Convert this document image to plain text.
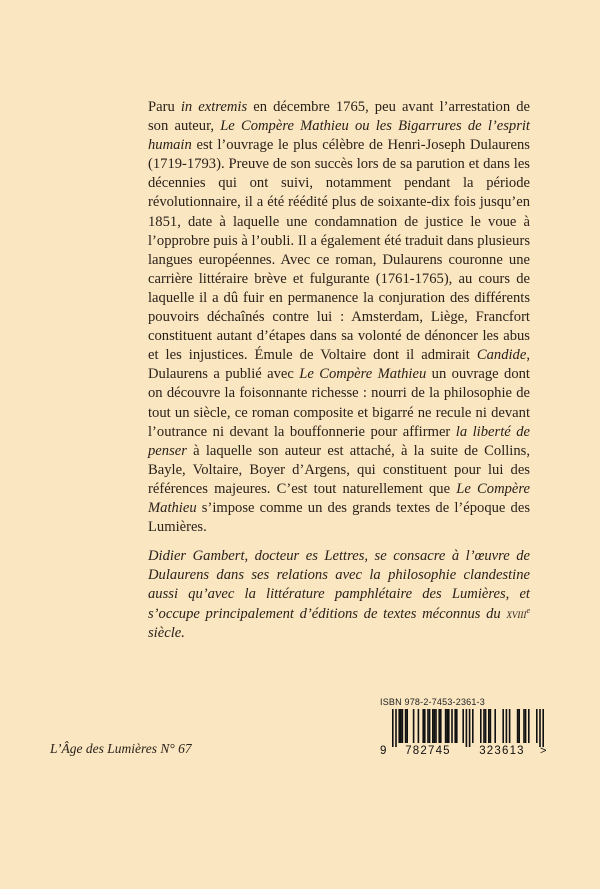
Paru in extremis en décembre 1765, peu avant l’arrestation de son auteur, Le Compère Mathieu ou les Bigarrures de l’esprit humain est l’ouvrage le plus célèbre de Henri-Joseph Dulaurens (1719-1793). Preuve de son succès lors de sa parution et dans les décennies qui ont suivi, notamment pendant la période révolutionnaire, il a été réédité plus de soixante-dix fois jusqu’en 1851, date à laquelle une condamnation de justice le voue à l’opprobre puis à l’oubli. Il a également été traduit dans plusieurs langues européennes. Avec ce roman, Dulaurens couronne une carrière littéraire brève et fulgurante (1761-1765), au cours de laquelle il a dû fuir en permanence la conjuration des différents pouvoirs déchaînés contre lui : Amsterdam, Liège, Francfort constituent autant d’étapes dans sa volonté de dénoncer les abus et les injustices. Émule de Voltaire dont il admirait Candide, Dulaurens a publié avec Le Compère Mathieu un ouvrage dont on découvre la foisonnante richesse : nourri de la philosophie de tout un siècle, ce roman composite et bigarré ne recule ni devant l’outrance ni devant la bouffonnerie pour affirmer la liberté de penser à laquelle son auteur est attaché, à la suite de Collins, Bayle, Voltaire, Boyer d’Argens, qui constituent pour lui des références majeures. C’est tout naturellement que Le Compère Mathieu s’impose comme un des grands textes de l’époque des Lumières.

Didier Gambert, docteur es Lettres, se consacre à l’œuvre de Dulaurens dans ses relations avec la philosophie clandestine aussi qu’avec la littérature pamphlétaire des Lumières, et s’occupe principalement d’éditions de textes méconnus du xviii$^e$ siècle.

L’Âge des Lumières N° 67
ISBN 978-2-7453-2361-3
9	782745	323613	>
